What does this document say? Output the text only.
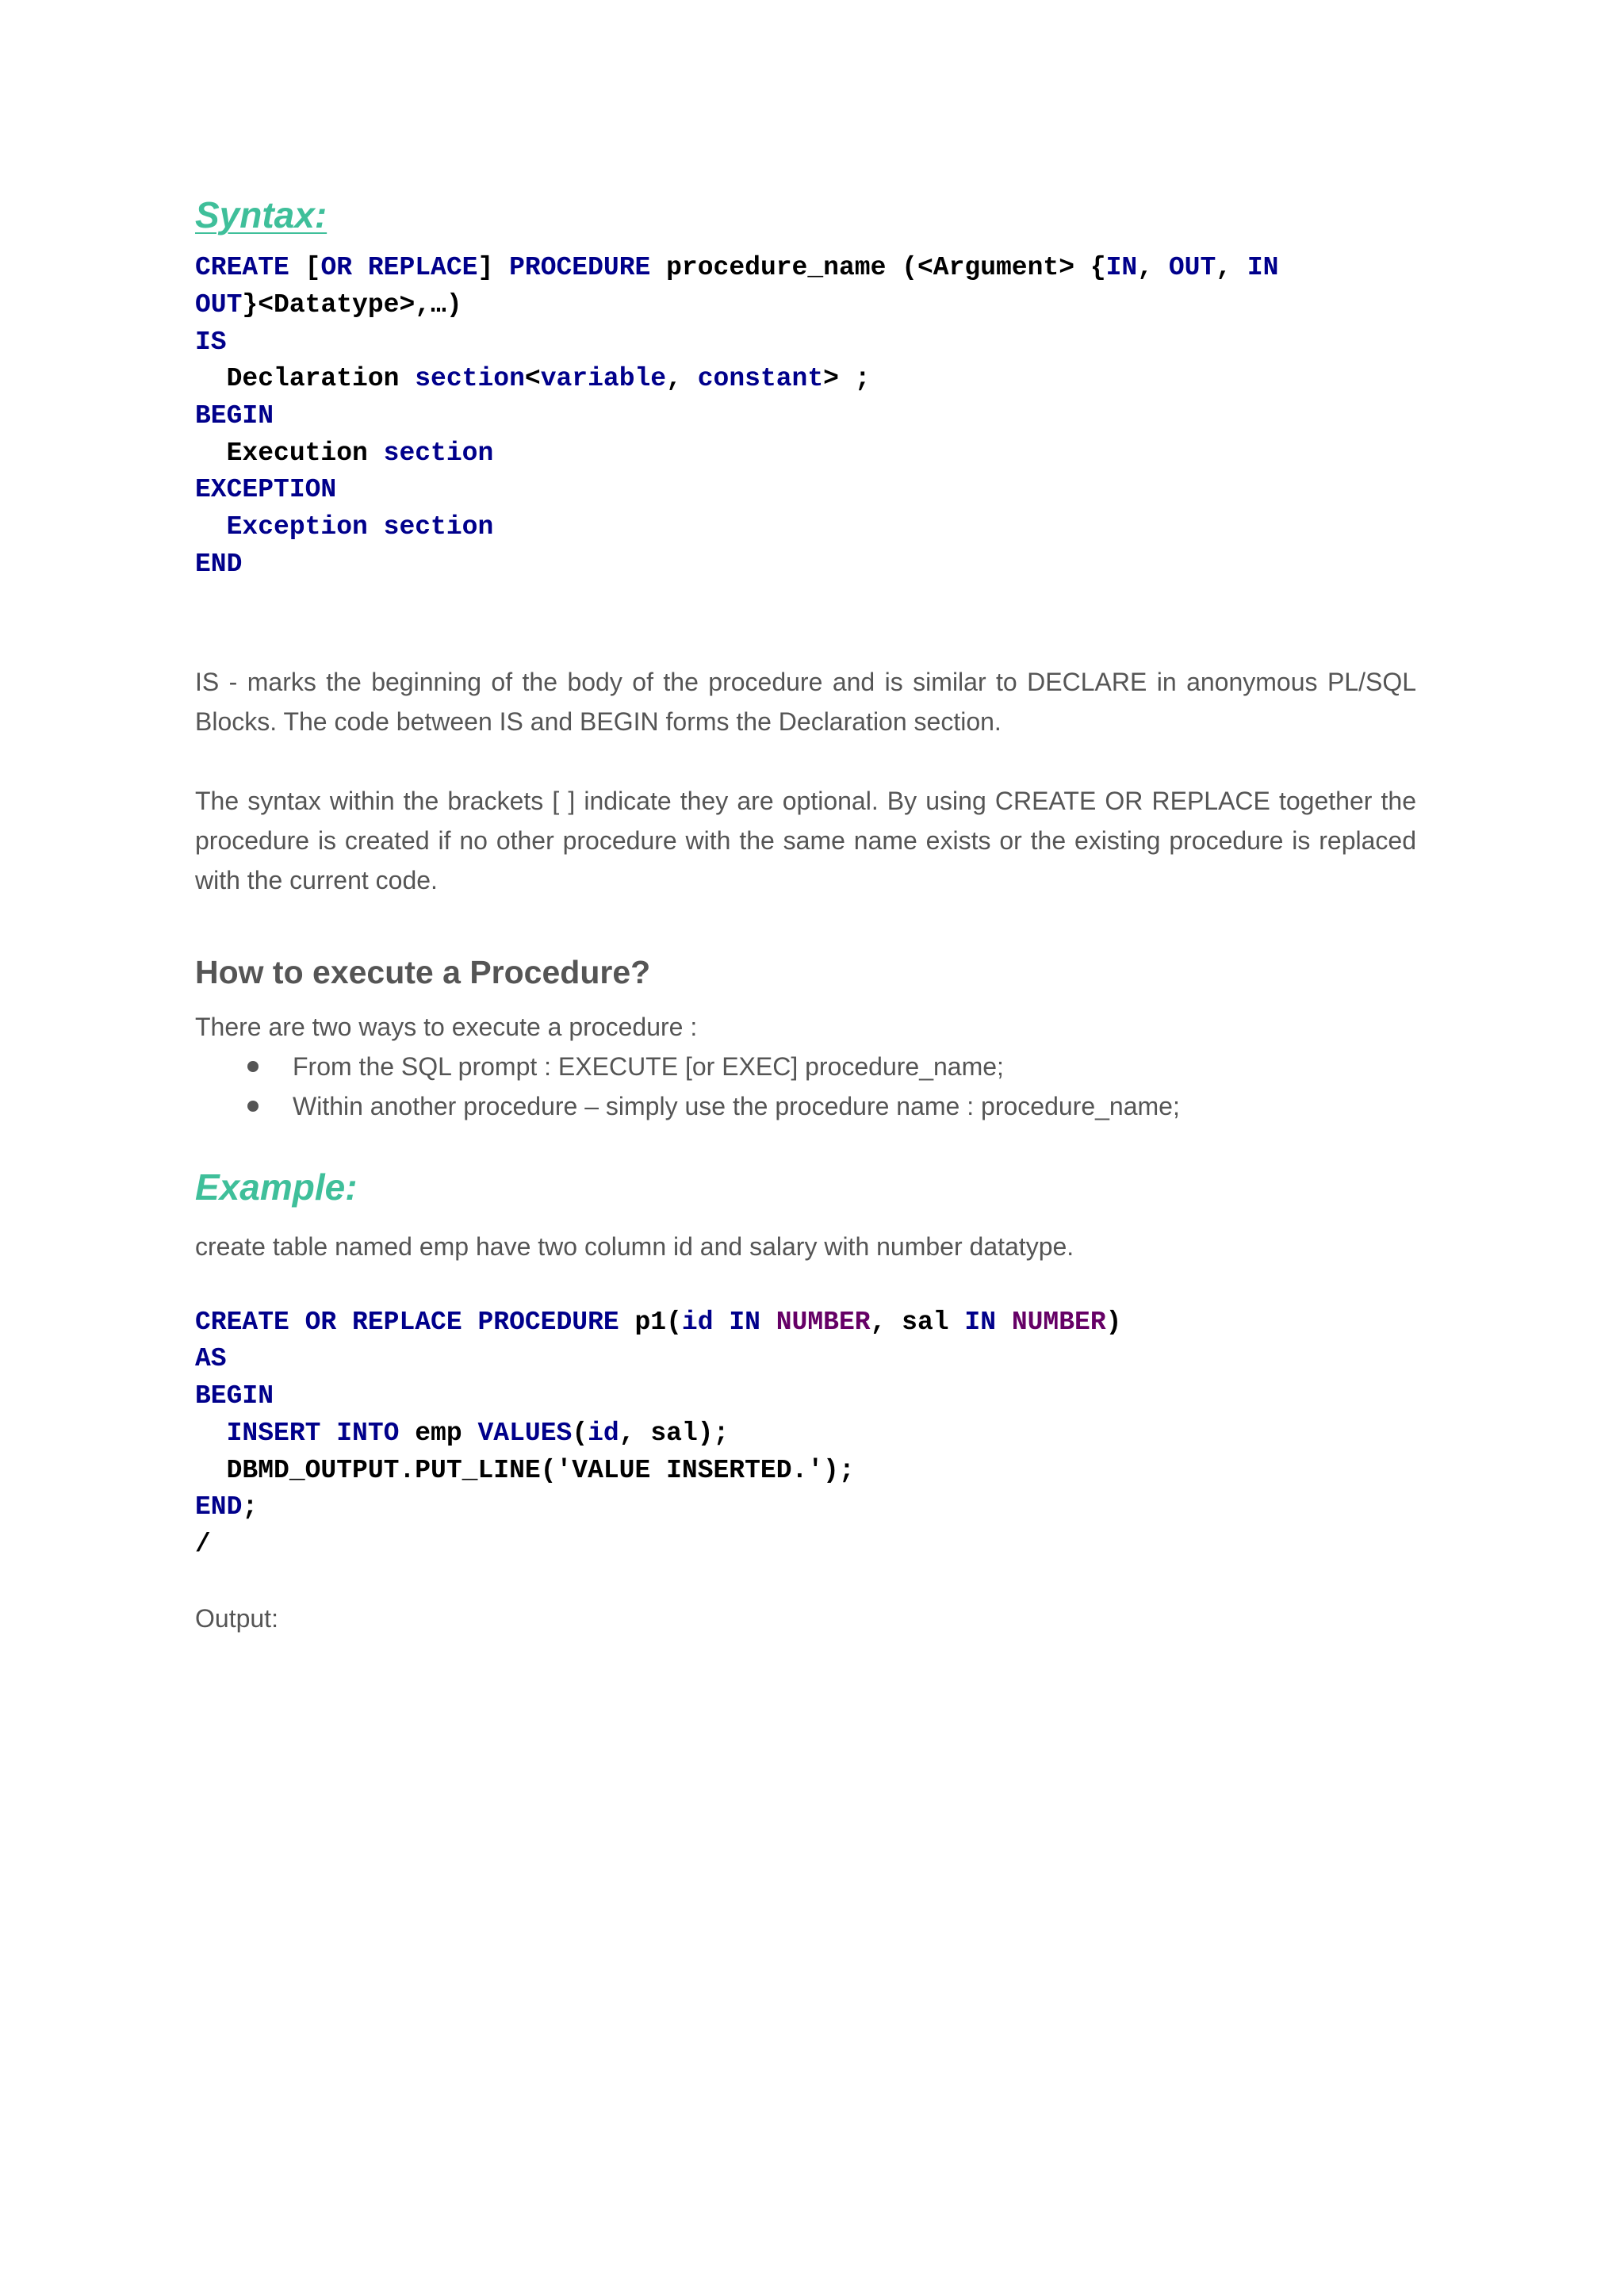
Syntax:
CREATE [OR REPLACE] PROCEDURE procedure_name (<Argument> {IN, OUT, IN
OUT}<Datatype>,…)
IS
Declaration section<variable, constant> ;
BEGIN
Execution section
EXCEPTION
Exception section
END

IS - marks the beginning of the body of the procedure and is similar to DECLARE in anonymous PL/SQL Blocks. The code between IS and BEGIN forms the Declaration section.

The syntax within the brackets [ ] indicate they are optional. By using CREATE OR REPLACE together the procedure is created if no other procedure with the same name exists or the existing procedure is replaced with the current code.

How to execute a Procedure?

There are two ways to execute a procedure :

From the SQL prompt : EXECUTE [or EXEC] procedure_name;
Within another procedure – simply use the procedure name : procedure_name;
Example:

create table named emp have two column id and salary with number datatype.

CREATE OR REPLACE PROCEDURE p1(id IN NUMBER, sal IN NUMBER)
AS
BEGIN
INSERT INTO emp VALUES(id, sal);
DBMD_OUTPUT.PUT_LINE('VALUE INSERTED.');
END;
/

Output:
